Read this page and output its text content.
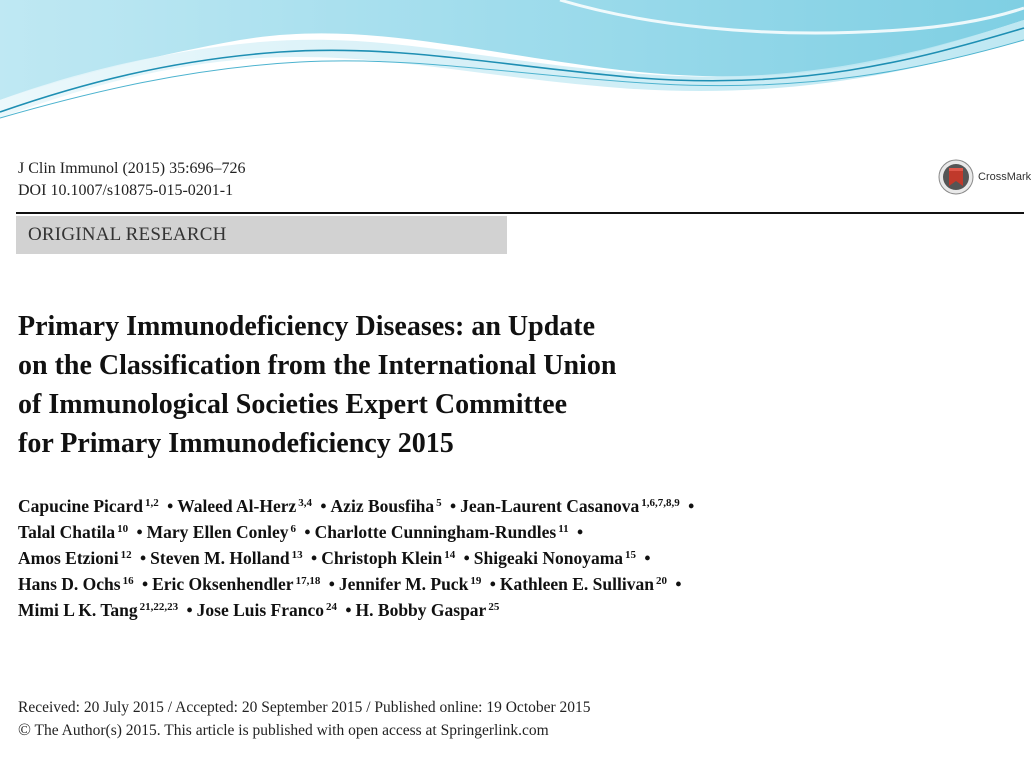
J Clin Immunol (2015) 35:696–726
DOI 10.1007/s10875-015-0201-1
CrossMark
ORIGINAL RESEARCH
Primary Immunodeficiency Diseases: an Update
on the Classification from the International Union
of Immunological Societies Expert Committee
for Primary Immunodeficiency 2015
Capucine Picard $^{1,2}$ • Waleed Al-Herz $^{3,4}$ • Aziz Bousfiha $^5$ • Jean-Laurent Casanova $^{1,6,7,8,9}$ •
Talal Chatila $^{10}$ • Mary Ellen Conley $^6$ • Charlotte Cunningham-Rundles $^{11}$ •
Amos Etzioni $^{12}$ • Steven M. Holland $^{13}$ • Christoph Klein $^{14}$ • Shigeaki Nonoyama $^{15}$ •
Hans D. Ochs $^{16}$ • Eric Oksenhendler $^{17,18}$ • Jennifer M. Puck $^{19}$ • Kathleen E. Sullivan $^{20}$ •
Mimi L K. Tang $^{21,22,23}$ • Jose Luis Franco $^{24}$ • H. Bobby Gaspar $^{25}$
Received: 20 July 2015 / Accepted: 20 September 2015 / Published online: 19 October 2015
© The Author(s) 2015. This article is published with open access at Springerlink.com
